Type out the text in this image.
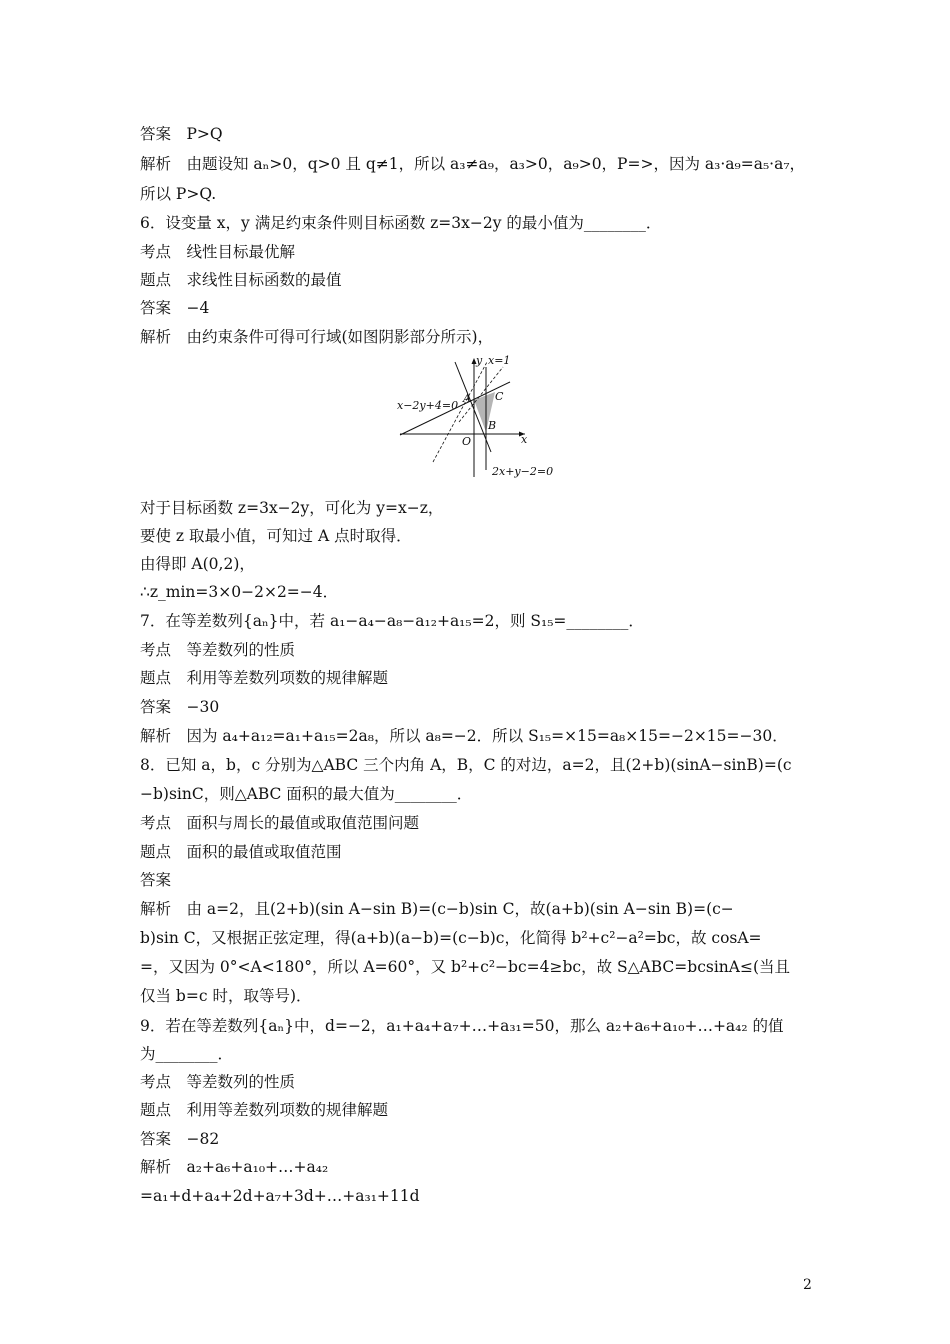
答案　P>Q
解析　由题设知 aₙ>0，q>0 且 q≠1，所以 a₃≠a₉，a₃>0，a₉>0，P=>，因为 a₃·a₉=a₅·a₇，
所以 P>Q.
6．设变量 x，y 满足约束条件则目标函数 z=3x−2y 的最小值为________．
考点　线性目标最优解
题点　求线性目标函数的最值
答案　−4
解析　由约束条件可得可行域(如图阴影部分所示)，
y x=1
x−2y+4=0
A C
B
O	x
2x+y−2=0
对于目标函数 z=3x−2y，可化为 y=x−z，
要使 z 取最小值，可知过 A 点时取得．
由得即 A(0,2)，
∴z_min=3×0−2×2=−4．
7．在等差数列{aₙ}中，若 a₁−a₄−a₈−a₁₂+a₁₅=2，则 S₁₅=________．
考点　等差数列的性质
题点　利用等差数列项数的规律解题
答案　−30
解析　因为 a₄+a₁₂=a₁+a₁₅=2a₈，所以 a₈=−2．所以 S₁₅=×15=a₈×15=−2×15=−30．
8．已知 a，b，c 分别为△ABC 三个内角 A，B，C 的对边，a=2，且(2+b)(sinA−sinB)=(c
−b)sinC，则△ABC 面积的最大值为________．
考点　面积与周长的最值或取值范围问题
题点　面积的最值或取值范围
答案
解析　由 a=2，且(2+b)(sin A−sin B)=(c−b)sin C，故(a+b)(sin A−sin B)=(c−
b)sin C，又根据正弦定理，得(a+b)(a−b)=(c−b)c，化简得 b²+c²−a²=bc，故 cosA=
=，又因为 0°<A<180°，所以 A=60°，又 b²+c²−bc=4≥bc，故 S△ABC=bcsinA≤(当且
仅当 b=c 时，取等号)．
9．若在等差数列{aₙ}中，d=−2，a₁+a₄+a₇+…+a₃₁=50，那么 a₂+a₆+a₁₀+…+a₄₂ 的值
为________．
考点　等差数列的性质
题点　利用等差数列项数的规律解题
答案　−82
解析　a₂+a₆+a₁₀+…+a₄₂
=a₁+d+a₄+2d+a₇+3d+…+a₃₁+11d
2
